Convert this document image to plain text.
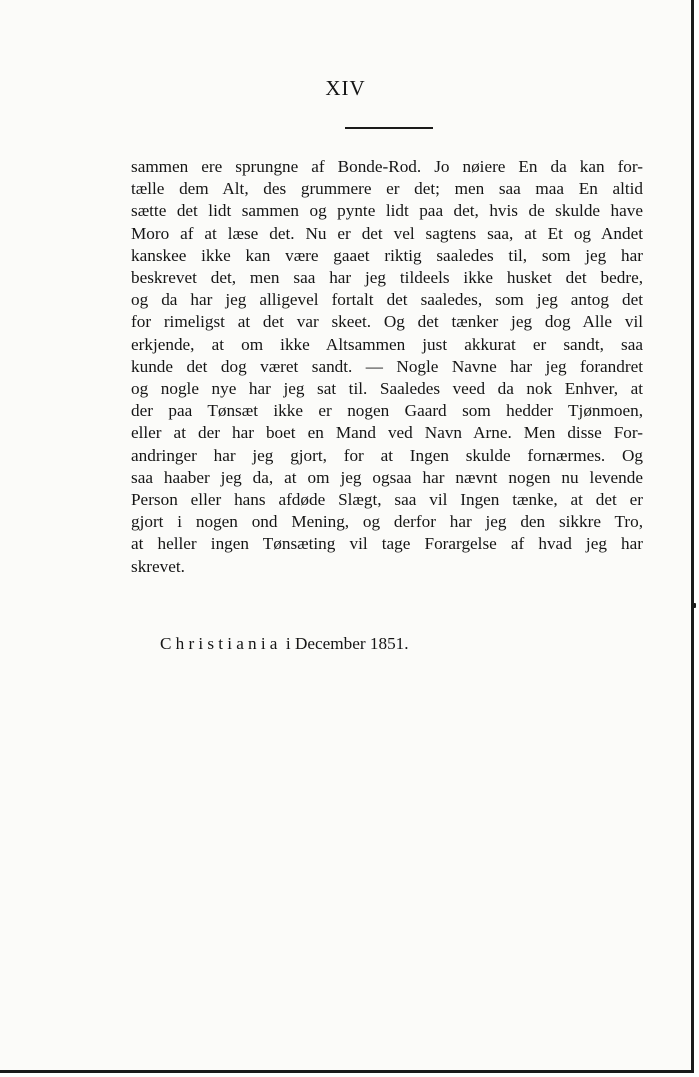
XIV
sammen ere sprungne af Bonde-Rod. Jo nøiere En da kan for-
tælle dem Alt, des grummere er det; men saa maa En altid
sætte det lidt sammen og pynte lidt paa det, hvis de skulde have
Moro af at læse det. Nu er det vel sagtens saa, at Et og Andet
kanskee ikke kan være gaaet riktig saaledes til, som jeg har
beskrevet det, men saa har jeg tildeels ikke husket det bedre,
og da har jeg alligevel fortalt det saaledes, som jeg antog det
for rimeligst at det var skeet. Og det tænker jeg dog Alle vil
erkjende, at om ikke Altsammen just akkurat er sandt, saa
kunde det dog været sandt. — Nogle Navne har jeg forandret
og nogle nye har jeg sat til. Saaledes veed da nok Enhver, at
der paa Tønsæt ikke er nogen Gaard som hedder Tjønmoen,
eller at der har boet en Mand ved Navn Arne. Men disse For-
andringer har jeg gjort, for at Ingen skulde fornærmes. Og
saa haaber jeg da, at om jeg ogsaa har nævnt nogen nu levende
Person eller hans afdøde Slægt, saa vil Ingen tænke, at det er
gjort i nogen ond Mening, og derfor har jeg den sikkre Tro,
at heller ingen Tønsæting vil tage Forargelse af hvad jeg har
skrevet.
Christiania i December 1851.
